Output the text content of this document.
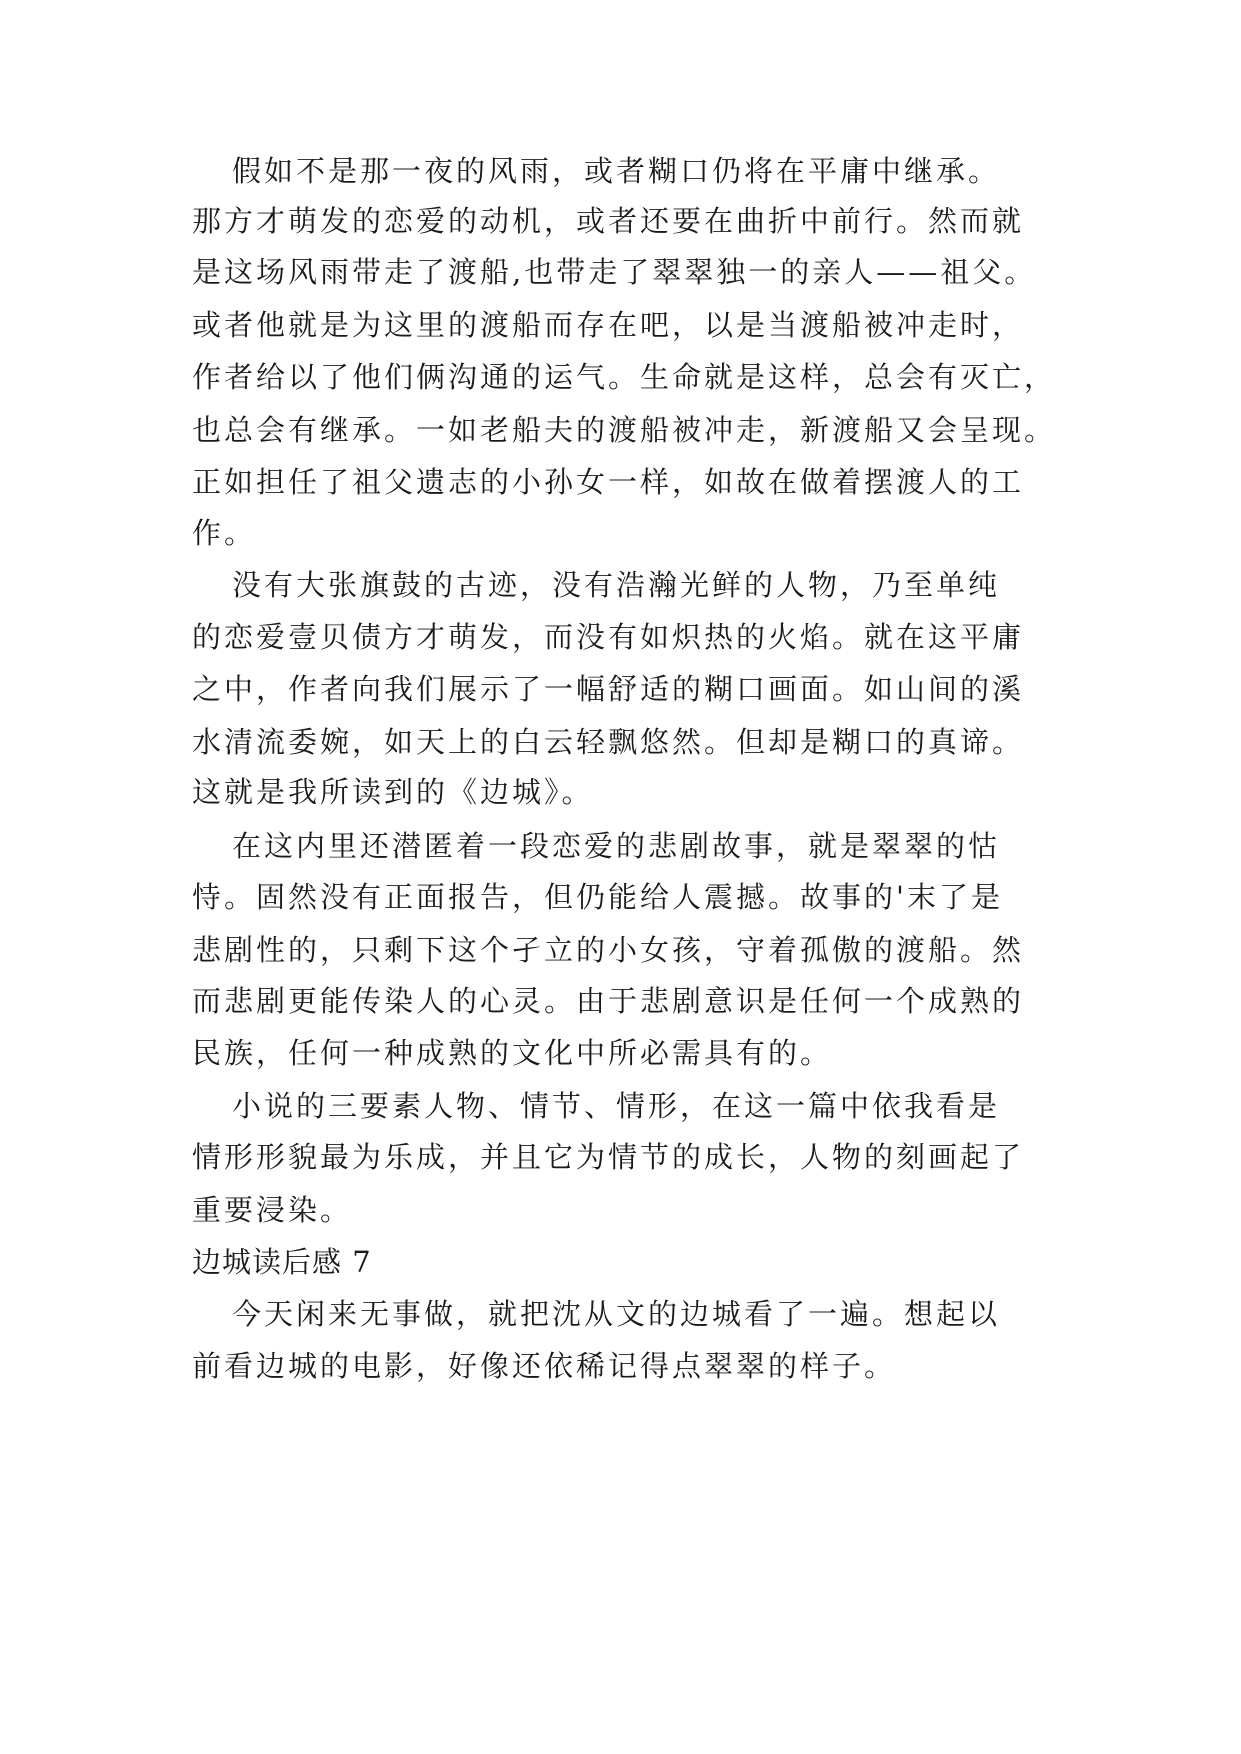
假如不是那一夜的风雨，或者糊口仍将在平庸中继承。
那方才萌发的恋爱的动机，或者还要在曲折中前行。然而就
是这场风雨带走了渡船,也带走了翠翠独一的亲人——祖父。
或者他就是为这里的渡船而存在吧，以是当渡船被冲走时，
作者给以了他们俩沟通的运气。生命就是这样，总会有灭亡，
也总会有继承。一如老船夫的渡船被冲走，新渡船又会呈现。
正如担任了祖父遗志的小孙女一样，如故在做着摆渡人的工
作。
没有大张旗鼓的古迹，没有浩瀚光鲜的人物，乃至单纯
的恋爱壹贝债方才萌发，而没有如炽热的火焰。就在这平庸
之中，作者向我们展示了一幅舒适的糊口画面。如山间的溪
水清流委婉，如天上的白云轻飘悠然。但却是糊口的真谛。
这就是我所读到的《边城》。
在这内里还潜匿着一段恋爱的悲剧故事，就是翠翠的怙
恃。固然没有正面报告，但仍能给人震撼。故事的'末了是
悲剧性的，只剩下这个孑立的小女孩，守着孤傲的渡船。然
而悲剧更能传染人的心灵。由于悲剧意识是任何一个成熟的
民族，任何一种成熟的文化中所必需具有的。
小说的三要素人物、情节、情形，在这一篇中依我看是
情形形貌最为乐成，并且它为情节的成长，人物的刻画起了
重要浸染。
边城读后感 7
今天闲来无事做，就把沈从文的边城看了一遍。想起以
前看边城的电影，好像还依稀记得点翠翠的样子。
